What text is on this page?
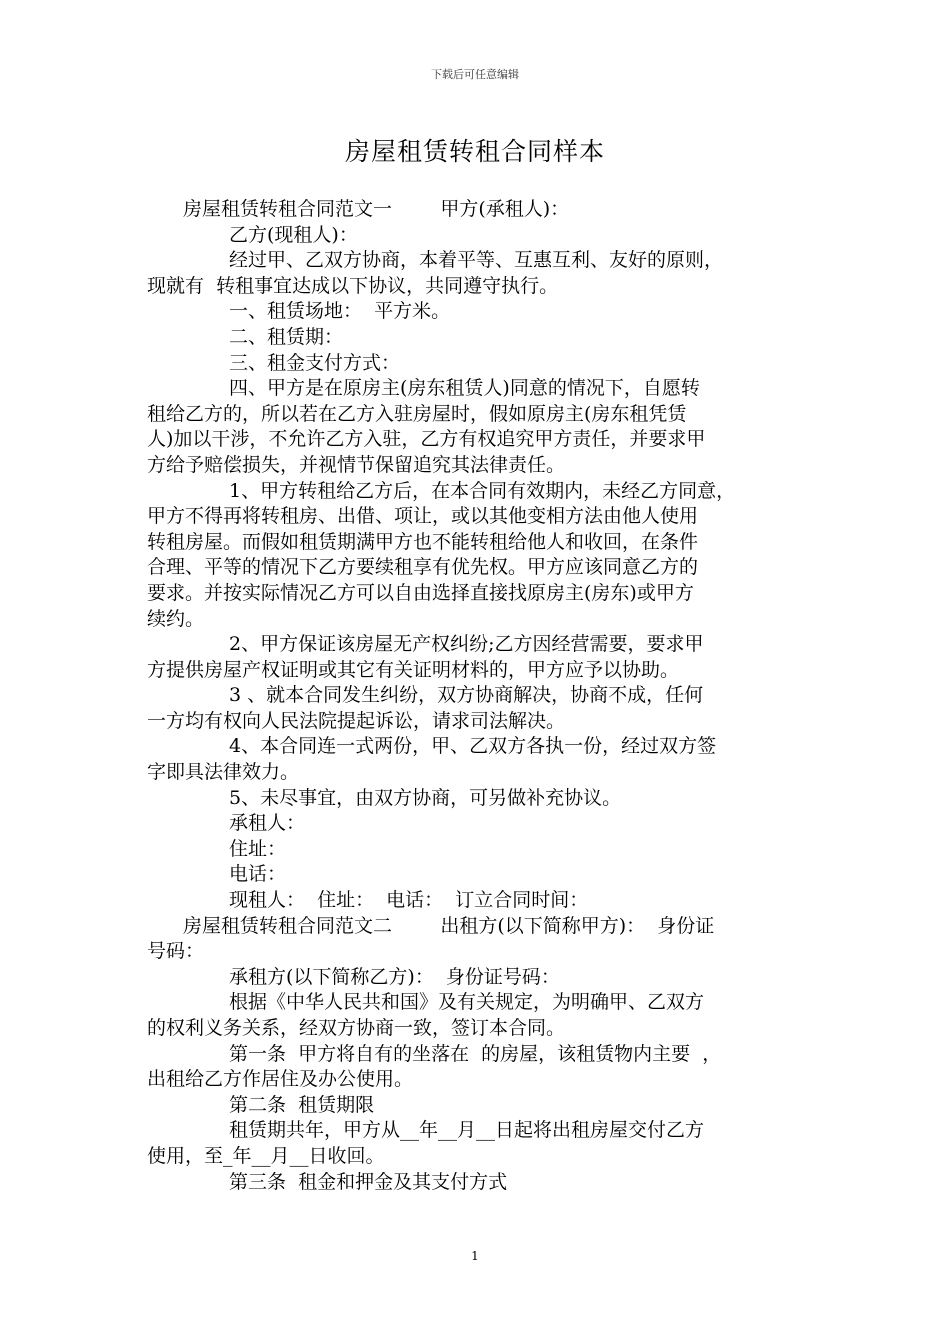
下载后可任意编辑
房屋租赁转租合同样本
房屋租赁转租合同范文一        甲方(承租人)：
乙方(现租人)：
经过甲、乙双方协商，本着平等、互惠互利、友好的原则，
现就有  转租事宜达成以下协议，共同遵守执行。
一、租赁场地：  平方米。
二、租赁期：
三、租金支付方式：
四、甲方是在原房主(房东租赁人)同意的情况下，自愿转
租给乙方的，所以若在乙方入驻房屋时，假如原房主(房东租凭赁
人)加以干涉，不允许乙方入驻，乙方有权追究甲方责任，并要求甲
方给予赔偿损失，并视情节保留追究其法律责任。
1、甲方转租给乙方后，在本合同有效期内，未经乙方同意，
甲方不得再将转租房、出借、项让，或以其他变相方法由他人使用
转租房屋。而假如租赁期满甲方也不能转租给他人和收回，在条件
合理、平等的情况下乙方要续租享有优先权。甲方应该同意乙方的
要求。并按实际情况乙方可以自由选择直接找原房主(房东)或甲方
续约。
2、甲方保证该房屋无产权纠纷;乙方因经营需要，要求甲
方提供房屋产权证明或其它有关证明材料的，甲方应予以协助。
3 、就本合同发生纠纷，双方协商解决，协商不成，任何
一方均有权向人民法院提起诉讼，请求司法解决。
4、本合同连一式两份，甲、乙双方各执一份，经过双方签
字即具法律效力。
5、未尽事宜，由双方协商，可另做补充协议。
承租人：
住址：
电话：
现租人：  住址：  电话：  订立合同时间：
房屋租赁转租合同范文二        出租方(以下简称甲方)：  身份证
号码：
承租方(以下简称乙方)：  身份证号码：
根据《中华人民共和国》及有关规定，为明确甲、乙双方
的权利义务关系，经双方协商一致，签订本合同。
第一条  甲方将自有的坐落在  的房屋，该租赁物内主要  ，
出租给乙方作居住及办公使用。
第二条  租赁期限
租赁期共年，甲方从__年__月__日起将出租房屋交付乙方
使用，至_年__月__日收回。
第三条  租金和押金及其支付方式
1
